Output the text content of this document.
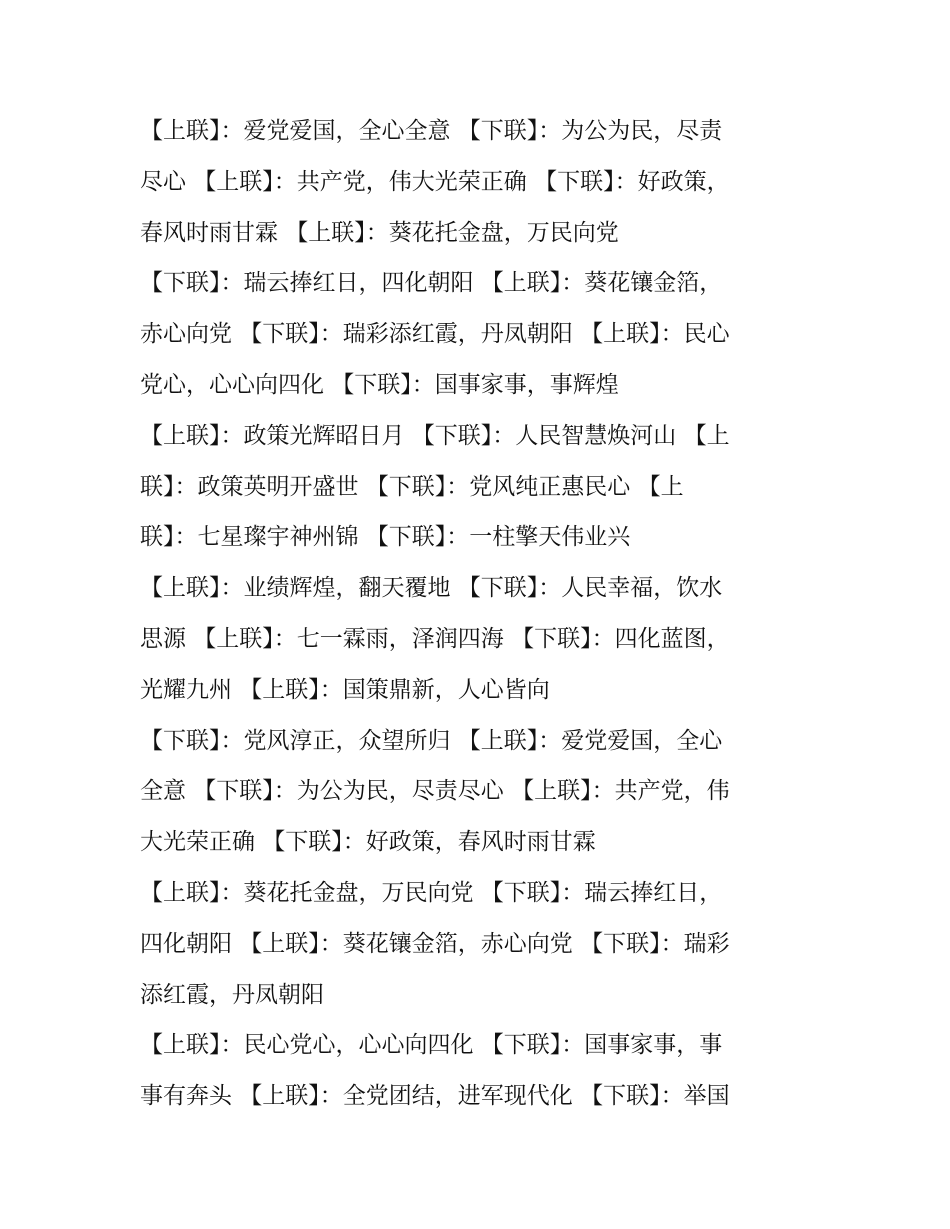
【上联】：爱党爱国，全心全意 【下联】：为公为民，尽责
尽心 【上联】：共产党，伟大光荣正确 【下联】：好政策，
春风时雨甘霖 【上联】：葵花托金盘，万民向党
【下联】：瑞云捧红日，四化朝阳 【上联】：葵花镶金箔，
赤心向党 【下联】：瑞彩添红霞，丹凤朝阳 【上联】：民心
党心，心心向四化 【下联】：国事家事，事辉煌
【上联】：政策光辉昭日月 【下联】：人民智慧焕河山 【上
联】：政策英明开盛世 【下联】：党风纯正惠民心 【上
联】：七星璨宇神州锦 【下联】：一柱擎天伟业兴
【上联】：业绩辉煌，翻天覆地 【下联】：人民幸福，饮水
思源 【上联】：七一霖雨，泽润四海 【下联】：四化蓝图，
光耀九州 【上联】：国策鼎新，人心皆向
【下联】：党风淳正，众望所归 【上联】：爱党爱国，全心
全意 【下联】：为公为民，尽责尽心 【上联】：共产党，伟
大光荣正确 【下联】：好政策，春风时雨甘霖
【上联】：葵花托金盘，万民向党 【下联】：瑞云捧红日，
四化朝阳 【上联】：葵花镶金箔，赤心向党 【下联】：瑞彩
添红霞，丹凤朝阳
【上联】：民心党心，心心向四化 【下联】：国事家事，事
事有奔头 【上联】：全党团结，进军现代化 【下联】：举国
